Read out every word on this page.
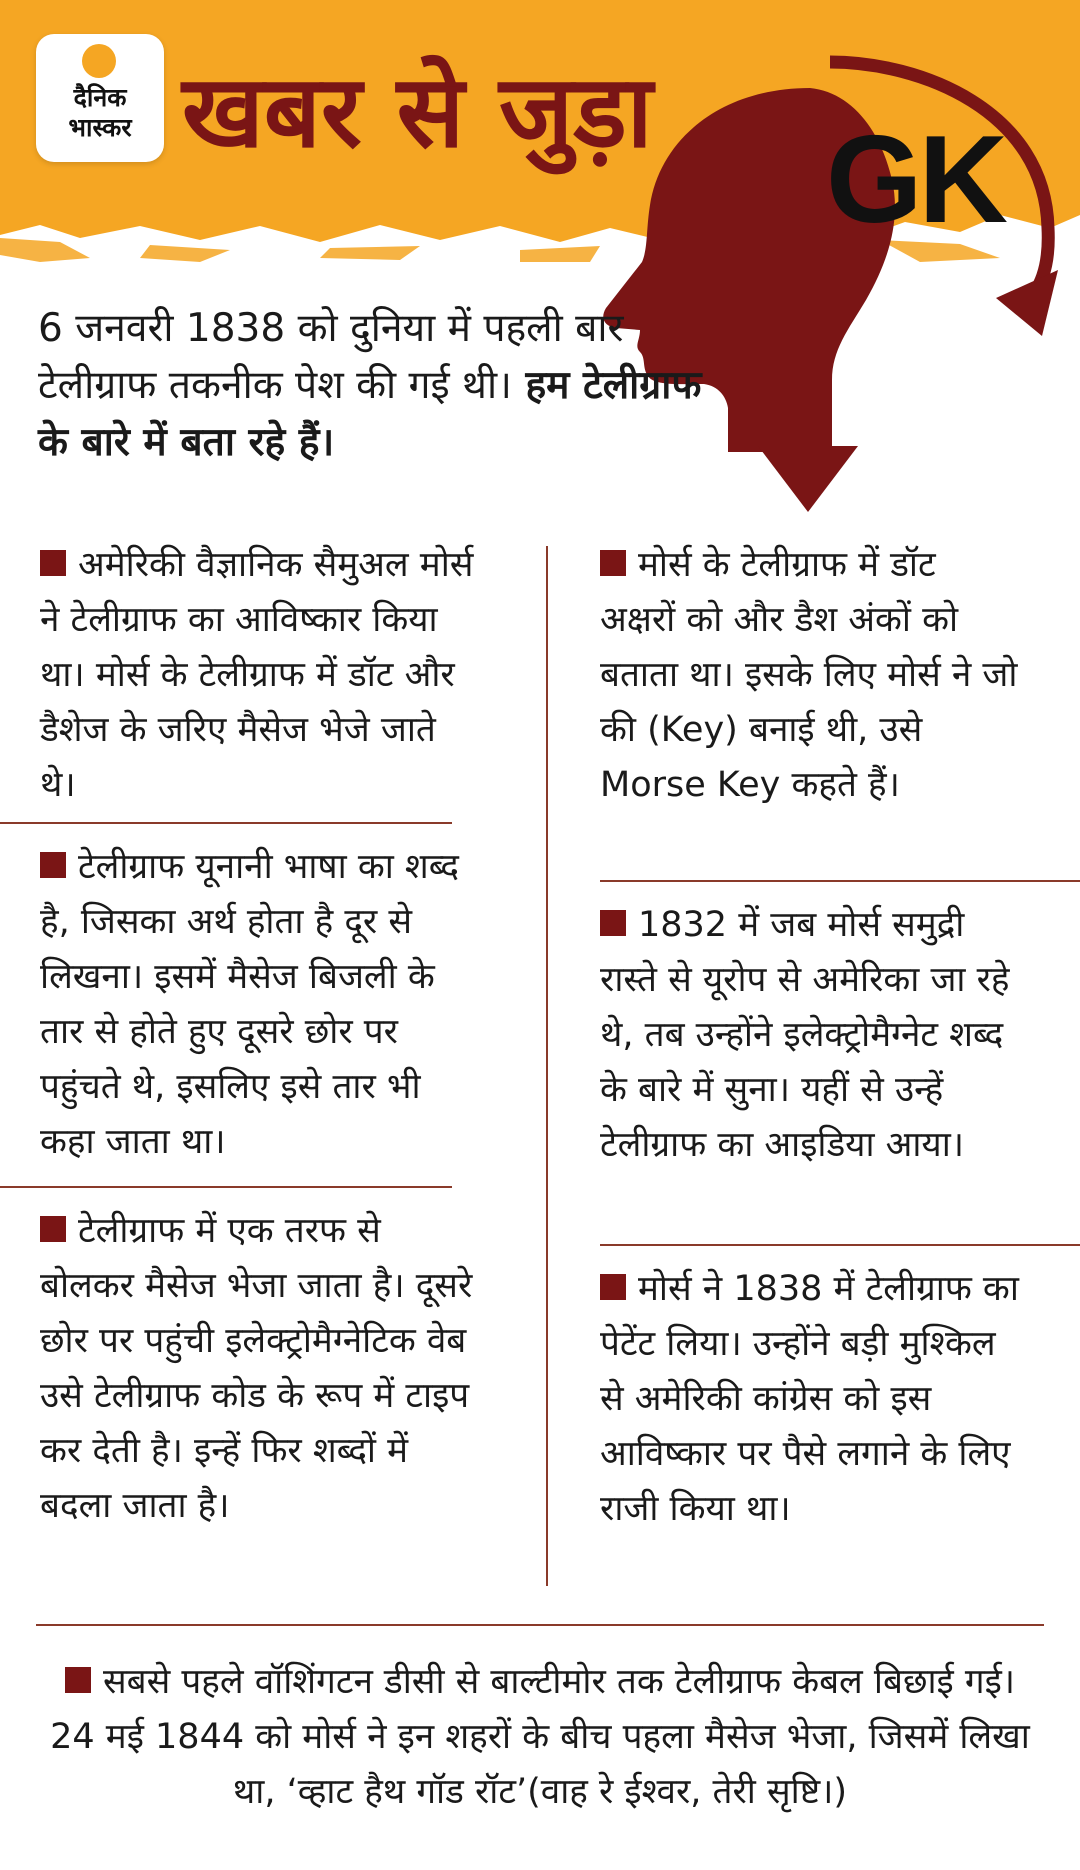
दैनिक
भास्कर खबर से जुड़ा GK
6 जनवरी 1838 को दुनिया में पहली बार टेलीग्राफ तकनीक पेश की गई थी। हम टेलीग्राफ के बारे में बता रहे हैं।
अमेरिकी वैज्ञानिक सैमुअल मोर्स ने टेलीग्राफ का आविष्कार किया था। मोर्स के टेलीग्राफ में डॉट और डैशेज के जरिए मैसेज भेजे जाते थे।
टेलीग्राफ यूनानी भाषा का शब्द है, जिसका अर्थ होता है दूर से लिखना। इसमें मैसेज बिजली के तार से होते हुए दूसरे छोर पर पहुंचते थे, इसलिए इसे तार भी कहा जाता था।
टेलीग्राफ में एक तरफ से बोलकर मैसेज भेजा जाता है। दूसरे छोर पर पहुंची इलेक्ट्रोमैग्नेटिक वेब उसे टेलीग्राफ कोड के रूप में टाइप कर देती है। इन्हें फिर शब्दों में बदला जाता है।
मोर्स के टेलीग्राफ में डॉट अक्षरों को और डैश अंकों को बताता था। इसके लिए मोर्स ने जो की (Key) बनाई थी, उसे Morse Key कहते हैं।
1832 में जब मोर्स समुद्री रास्ते से यूरोप से अमेरिका जा रहे थे, तब उन्होंने इलेक्ट्रोमैग्नेट शब्द के बारे में सुना। यहीं से उन्हें टेलीग्राफ का आइडिया आया।
मोर्स ने 1838 में टेलीग्राफ का पेटेंट लिया। उन्होंने बड़ी मुश्किल से अमेरिकी कांग्रेस को इस आविष्कार पर पैसे लगाने के लिए राजी किया था।
सबसे पहले वॉशिंगटन डीसी से बाल्टीमोर तक टेलीग्राफ केबल बिछाई गई। 24 मई 1844 को मोर्स ने इन शहरों के बीच पहला मैसेज भेजा, जिसमें लिखा था, ‘व्हाट हैथ गॉड रॉट’(वाह रे ईश्वर, तेरी सृष्टि।)
